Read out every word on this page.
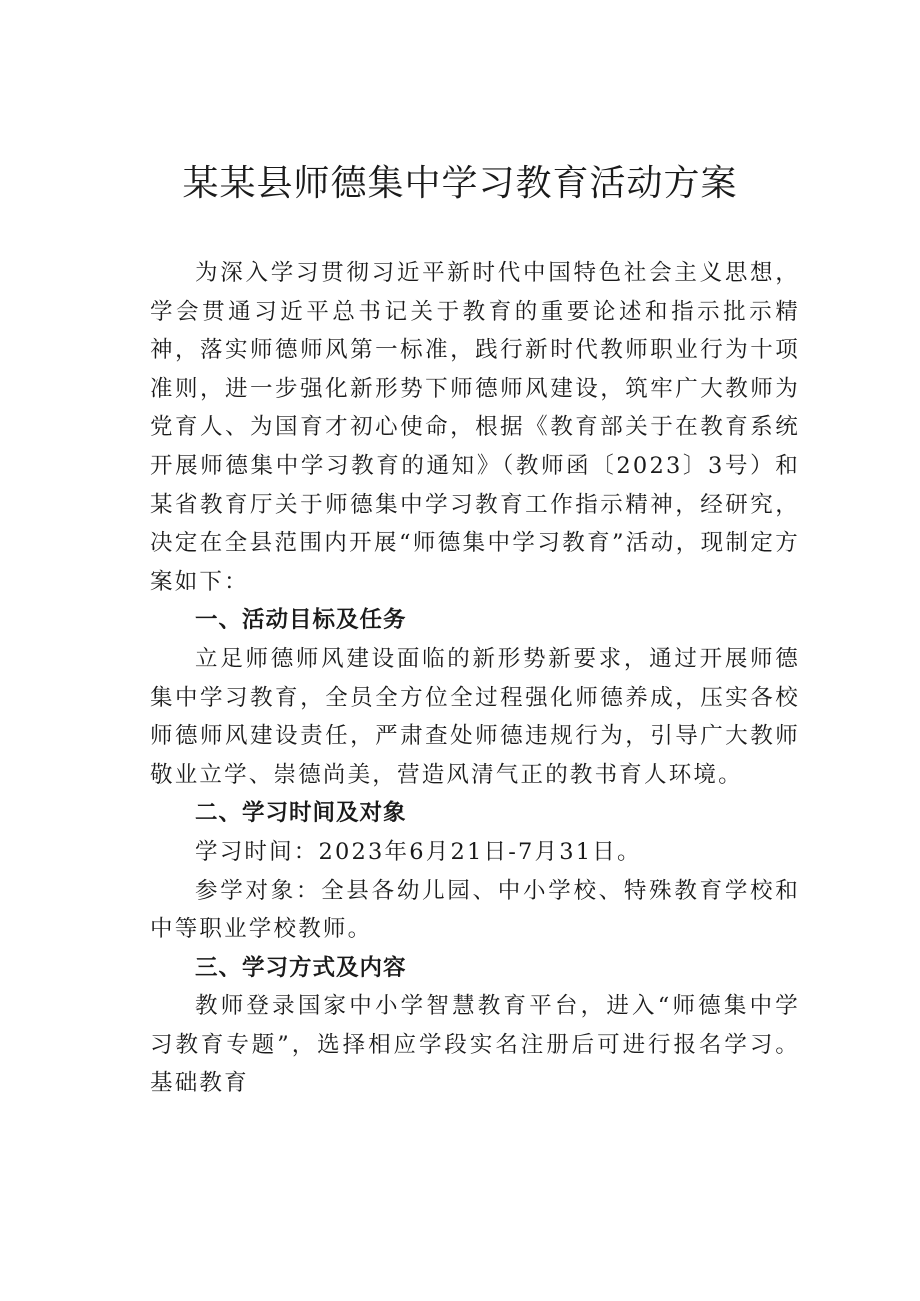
某某县师德集中学习教育活动方案

为深入学习贯彻习近平新时代中国特色社会主义思想，学会贯通习近平总书记关于教育的重要论述和指示批示精神，落实师德师风第一标准，践行新时代教师职业行为十项准则，进一步强化新形势下师德师风建设，筑牢广大教师为党育人、为国育才初心使命，根据《教育部关于在教育系统开展师德集中学习教育的通知》（教师函〔2023〕3号）和某省教育厅关于师德集中学习教育工作指示精神，经研究，决定在全县范围内开展“师德集中学习教育”活动，现制定方案如下：

一、活动目标及任务

立足师德师风建设面临的新形势新要求，通过开展师德集中学习教育，全员全方位全过程强化师德养成，压实各校师德师风建设责任，严肃查处师德违规行为，引导广大教师敬业立学、崇德尚美，营造风清气正的教书育人环境。

二、学习时间及对象

学习时间：2023年6月21日-7月31日。

参学对象：全县各幼儿园、中小学校、特殊教育学校和中等职业学校教师。

三、学习方式及内容

教师登录国家中小学智慧教育平台，进入“师德集中学习教育专题”，选择相应学段实名注册后可进行报名学习。基础教育
